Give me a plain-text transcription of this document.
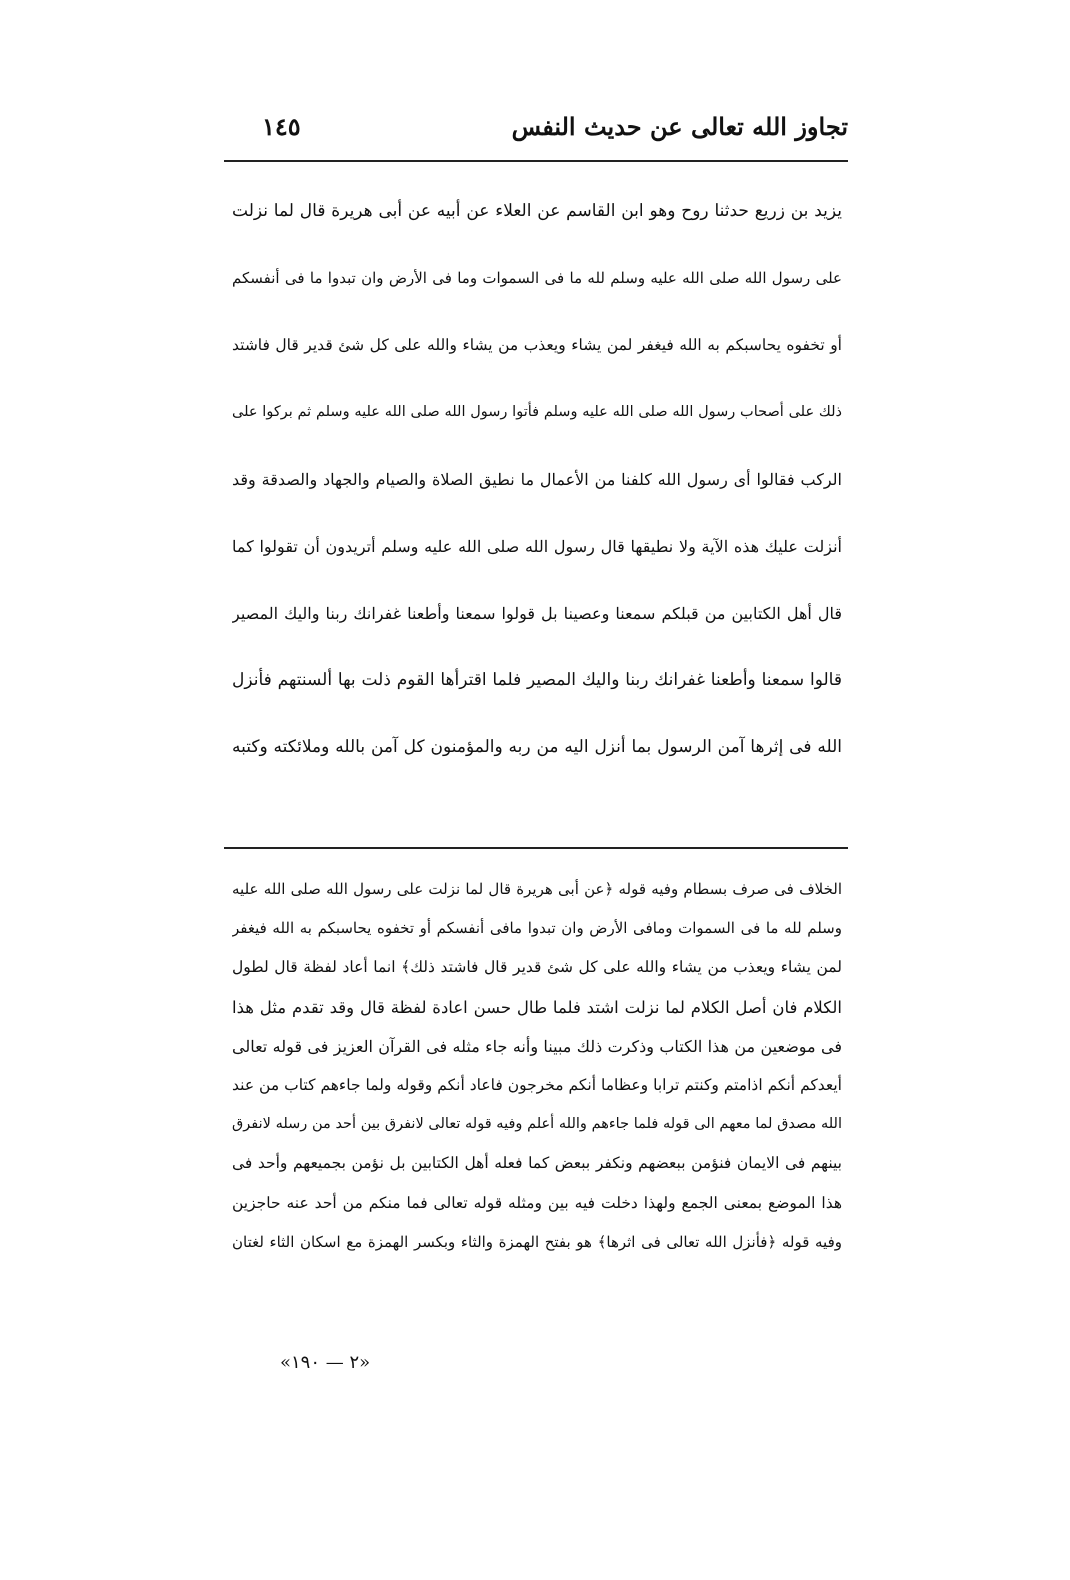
تجاوز الله تعالى عن حديث النفس
١٤٥
يزيد بن زريع حدثنا روح وهو ابن القاسم عن العلاء عن أبيه عن أبى هريرة قال لما نزلت
على رسول الله صلى الله عليه وسلم لله ما فى السموات وما فى الأرض وان تبدوا ما فى أنفسكم
أو تخفوه يحاسبكم به الله فيغفر لمن يشاء ويعذب من يشاء والله على كل شئ قدير قال فاشتد
ذلك على أصحاب رسول الله صلى الله عليه وسلم فأتوا رسول الله صلى الله عليه وسلم ثم بركوا على
الركب فقالوا أى رسول الله كلفنا من الأعمال ما نطيق الصلاة والصيام والجهاد والصدقة وقد
أنزلت عليك هذه الآية ولا نطيقها قال رسول الله صلى الله عليه وسلم أتريدون أن تقولوا كما
قال أهل الكتابين من قبلكم سمعنا وعصينا بل قولوا سمعنا وأطعنا غفرانك ربنا واليك المصير
قالوا سمعنا وأطعنا غفرانك ربنا واليك المصير فلما اقترأها القوم ذلت بها ألسنتهم فأنزل
الله فى إثرها آمن الرسول بما أنزل اليه من ربه والمؤمنون كل آمن بالله وملائكته وكتبه
الخلاف فى صرف بسطام وفيه قوله ﴿عن أبى هريرة قال لما نزلت على رسول الله صلى الله عليه
وسلم لله ما فى السموات ومافى الأرض وان تبدوا مافى أنفسكم أو تخفوه يحاسبكم به الله فيغفر
لمن يشاء ويعذب من يشاء والله على كل شئ قدير قال فاشتد ذلك﴾ انما أعاد لفظة قال لطول
الكلام فان أصل الكلام لما نزلت اشتد فلما طال حسن اعادة لفظة قال وقد تقدم مثل هذا
فى موضعين من هذا الكتاب وذكرت ذلك مبينا وأنه جاء مثله فى القرآن العزيز فى قوله تعالى
أيعدكم أنكم اذامتم وكنتم ترابا وعظاما أنكم مخرجون فاعاد أنكم وقوله ولما جاءهم كتاب من عند
الله مصدق لما معهم الى قوله فلما جاءهم والله أعلم وفيه قوله تعالى لانفرق بين أحد من رسله لانفرق
بينهم فى الايمان فنؤمن ببعضهم ونكفر ببعض كما فعله أهل الكتابين بل نؤمن بجميعهم وأحد فى
هذا الموضع بمعنى الجمع ولهذا دخلت فيه بين ومثله قوله تعالى فما منكم من أحد عنه حاجزين
وفيه قوله ﴿فأنزل الله تعالى فى اثرها﴾ هو بفتح الهمزة والثاء وبكسر الهمزة مع اسكان الثاء لغتان
«٢ — ١٩٠»
